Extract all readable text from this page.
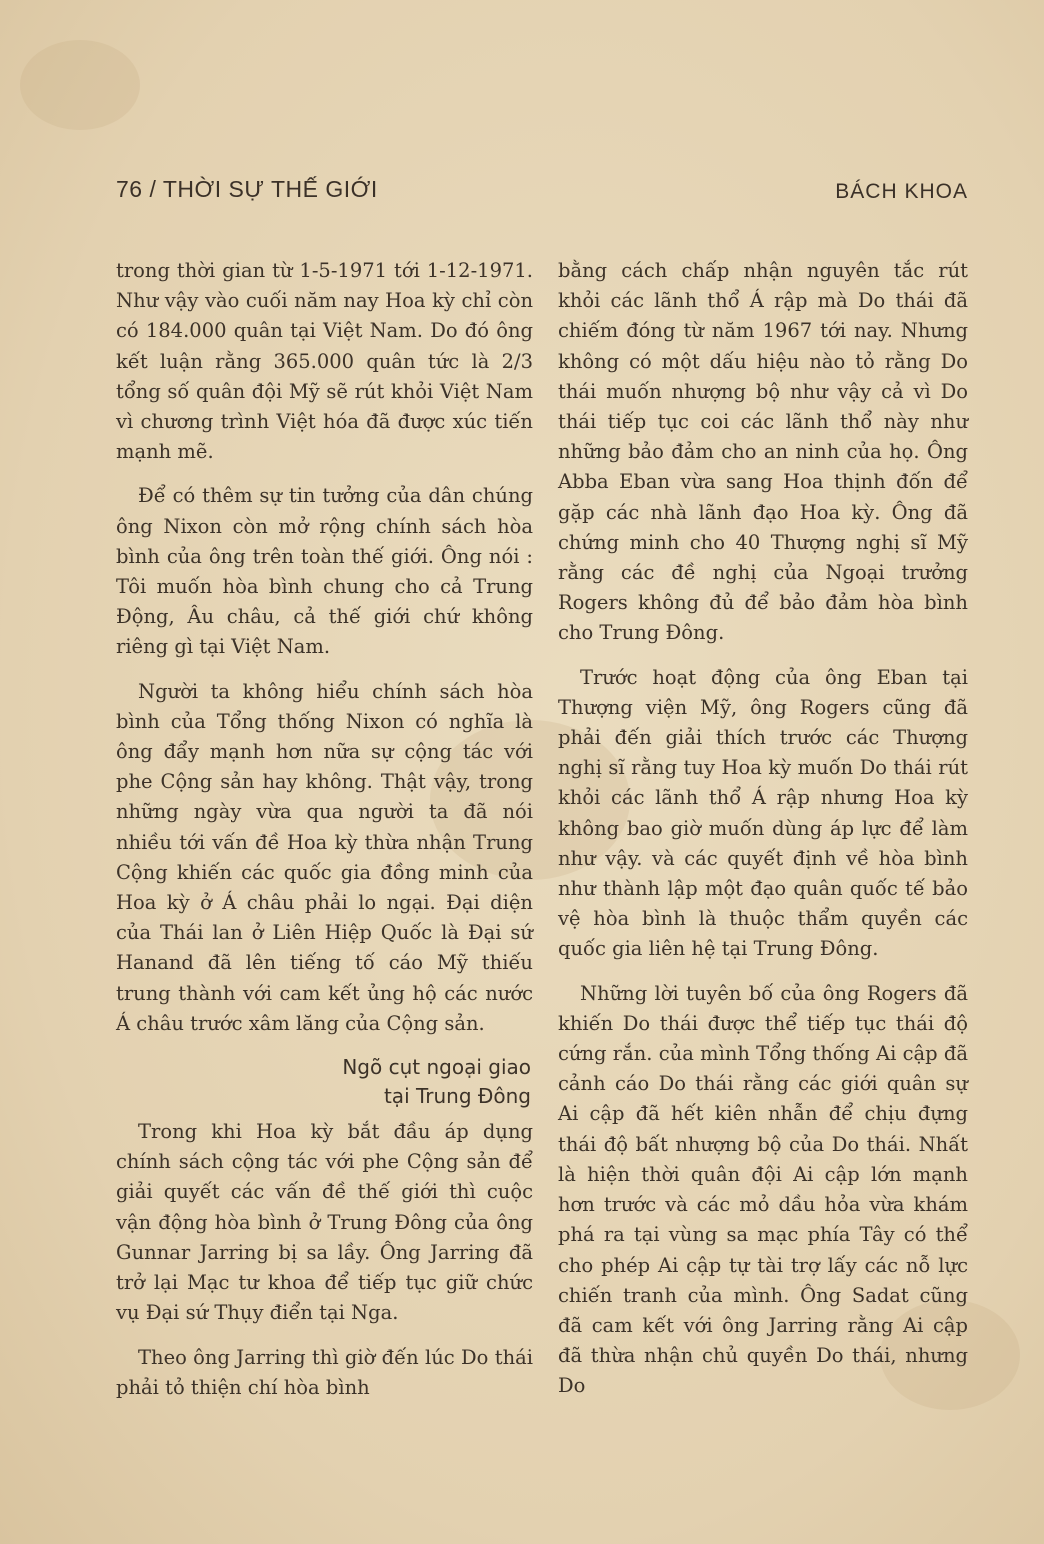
76 / THỜI SỰ THẾ GIỚI	BÁCH KHOA

trong thời gian từ 1-5-1971 tới 1-12-1971. Như vậy vào cuối năm nay Hoa kỳ chỉ còn có 184.000 quân tại Việt Nam. Do đó ông kết luận rằng 365.000 quân tức là 2/3 tổng số quân đội Mỹ sẽ rút khỏi Việt Nam vì chương trình Việt hóa đã được xúc tiến mạnh mẽ.

Để có thêm sự tin tưởng của dân chúng ông Nixon còn mở rộng chính sách hòa bình của ông trên toàn thế giới. Ông nói : Tôi muốn hòa bình chung cho cả Trung Động, Âu châu, cả thế giới chứ không riêng gì tại Việt Nam.

Người ta không hiểu chính sách hòa bình của Tổng thống Nixon có nghĩa là ông đẩy mạnh hơn nữa sự cộng tác với phe Cộng sản hay không. Thật vậy, trong những ngày vừa qua người ta đã nói nhiều tới vấn đề Hoa kỳ thừa nhận Trung Cộng khiến các quốc gia đồng minh của Hoa kỳ ở Á châu phải lo ngại. Đại diện của Thái lan ở Liên Hiệp Quốc là Đại sứ Hanand đã lên tiếng tố cáo Mỹ thiếu trung thành với cam kết ủng hộ các nước Á châu trước xâm lăng của Cộng sản.

Ngõ cụt ngoại giao
tại Trung Đông

Trong khi Hoa kỳ bắt đầu áp dụng chính sách cộng tác với phe Cộng sản để giải quyết các vấn đề thế giới thì cuộc vận động hòa bình ở Trung Đông của ông Gunnar Jarring bị sa lầy. Ông Jarring đã trở lại Mạc tư khoa để tiếp tục giữ chức vụ Đại sứ Thụy điển tại Nga.

Theo ông Jarring thì giờ đến lúc Do thái phải tỏ thiện chí hòa bình

bằng cách chấp nhận nguyên tắc rút khỏi các lãnh thổ Á rập mà Do thái đã chiếm đóng từ năm 1967 tới nay. Nhưng không có một dấu hiệu nào tỏ rằng Do thái muốn nhượng bộ như vậy cả vì Do thái tiếp tục coi các lãnh thổ này như những bảo đảm cho an ninh của họ. Ông Abba Eban vừa sang Hoa thịnh đốn để gặp các nhà lãnh đạo Hoa kỳ. Ông đã chứng minh cho 40 Thượng nghị sĩ Mỹ rằng các đề nghị của Ngoại trưởng Rogers không đủ để bảo đảm hòa bình cho Trung Đông.

Trước hoạt động của ông Eban tại Thượng viện Mỹ, ông Rogers cũng đã phải đến giải thích trước các Thượng nghị sĩ rằng tuy Hoa kỳ muốn Do thái rút khỏi các lãnh thổ Á rập nhưng Hoa kỳ không bao giờ muốn dùng áp lực để làm như vậy. và các quyết định về hòa bình như thành lập một đạo quân quốc tế bảo vệ hòa bình là thuộc thẩm quyền các quốc gia liên hệ tại Trung Đông.

Những lời tuyên bố của ông Rogers đã khiến Do thái được thể tiếp tục thái độ cứng rắn. của mình Tổng thống Ai cập đã cảnh cáo Do thái rằng các giới quân sự Ai cập đã hết kiên nhẫn để chịu đựng thái độ bất nhượng bộ của Do thái. Nhất là hiện thời quân đội Ai cập lớn mạnh hơn trước và các mỏ dầu hỏa vừa khám phá ra tại vùng sa mạc phía Tây có thể cho phép Ai cập tự tài trợ lấy các nỗ lực chiến tranh của mình. Ông Sadat cũng đã cam kết với ông Jarring rằng Ai cập đã thừa nhận chủ quyền Do thái, nhưng Do
